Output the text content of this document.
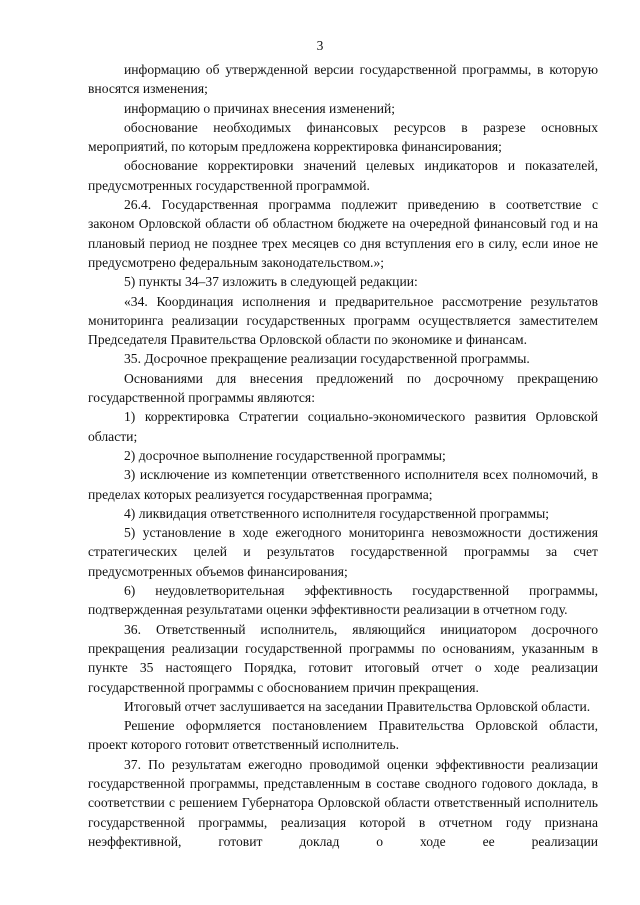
3

информацию об утвержденной версии государственной программы, в которую вносятся изменения;

информацию о причинах внесения изменений;

обоснование необходимых финансовых ресурсов в разрезе основных мероприятий, по которым предложена корректировка финансирования;

обоснование корректировки значений целевых индикаторов и показателей, предусмотренных государственной программой.

26.4. Государственная программа подлежит приведению в соответствие с законом Орловской области об областном бюджете на очередной финансовый год и на плановый период не позднее трех месяцев со дня вступления его в силу, если иное не предусмотрено федеральным законодательством.»;

5) пункты 34–37 изложить в следующей редакции:

«34. Координация исполнения и предварительное рассмотрение результатов мониторинга реализации государственных программ осуществляется заместителем Председателя Правительства Орловской области по экономике и финансам.

35. Досрочное прекращение реализации государственной программы.

Основаниями для внесения предложений по досрочному прекращению государственной программы являются:

1) корректировка Стратегии социально-экономического развития Орловской области;

2) досрочное выполнение государственной программы;

3) исключение из компетенции ответственного исполнителя всех полномочий, в пределах которых реализуется государственная программа;

4) ликвидация ответственного исполнителя государственной программы;

5) установление в ходе ежегодного мониторинга невозможности достижения стратегических целей и результатов государственной программы за счет предусмотренных объемов финансирования;

6) неудовлетворительная эффективность государственной программы, подтвержденная результатами оценки эффективности реализации в отчетном году.

36. Ответственный исполнитель, являющийся инициатором досрочного прекращения реализации государственной программы по основаниям, указанным в пункте 35 настоящего Порядка, готовит итоговый отчет о ходе реализации государственной программы с обоснованием причин прекращения.

Итоговый отчет заслушивается на заседании Правительства Орловской области.

Решение оформляется постановлением Правительства Орловской области, проект которого готовит ответственный исполнитель.

37. По результатам ежегодно проводимой оценки эффективности реализации государственной программы, представленным в составе сводного годового доклада, в соответствии с решением Губернатора Орловской области ответственный исполнитель государственной программы, реализация которой в отчетном году признана неэффективной, готовит доклад о ходе ее реализации
